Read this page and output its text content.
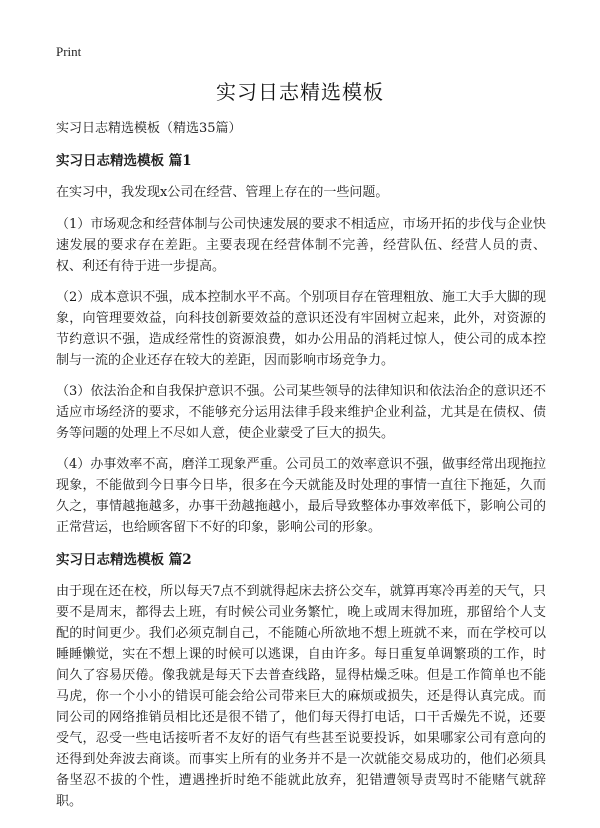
Print
实习日志精选模板
实习日志精选模板（精选35篇）
实习日志精选模板 篇1

在实习中，我发现x公司在经营、管理上存在的一些问题。

（1）市场观念和经营体制与公司快速发展的要求不相适应，市场开拓的步伐与企业快速发展的要求存在差距。主要表现在经营体制不完善，经营队伍、经营人员的责、权、利还有待于进一步提高。

（2）成本意识不强，成本控制水平不高。个别项目存在管理粗放、施工大手大脚的现象，向管理要效益，向科技创新要效益的意识还没有牢固树立起来，此外，对资源的节约意识不强，造成经常性的资源浪费，如办公用品的消耗过惊人，使公司的成本控制与一流的企业还存在较大的差距，因而影响市场竞争力。

（3）依法治企和自我保护意识不强。公司某些领导的法律知识和依法治企的意识还不适应市场经济的要求，不能够充分运用法律手段来维护企业利益，尤其是在债权、债务等问题的处理上不尽如人意，使企业蒙受了巨大的损失。

（4）办事效率不高，磨洋工现象严重。公司员工的效率意识不强，做事经常出现拖拉现象，不能做到今日事今日毕，很多在今天就能及时处理的事情一直往下拖延，久而久之，事情越拖越多，办事干劲越拖越小，最后导致整体办事效率低下，影响公司的正常营运，也给顾客留下不好的印象，影响公司的形象。

实习日志精选模板 篇2

由于现在还在校，所以每天7点不到就得起床去挤公交车，就算再寒冷再差的天气，只要不是周末，都得去上班，有时候公司业务繁忙，晚上或周末得加班，那留给个人支配的时间更少。我们必须克制自己，不能随心所欲地不想上班就不来，而在学校可以睡睡懒觉，实在不想上课的时候可以逃课，自由许多。每日重复单调繁琐的工作，时间久了容易厌倦。像我就是每天下去普查线路，显得枯燥乏味。但是工作简单也不能马虎，你一个小小的错误可能会给公司带来巨大的麻烦或损失，还是得认真完成。而同公司的网络推销员相比还是很不错了，他们每天得打电话，口干舌燥先不说，还要受气，忍受一些电话接听者不友好的语气有些甚至说要投诉，如果哪家公司有意向的还得到处奔波去商谈。而事实上所有的业务并不是一次就能交易成功的，他们必须具备坚忍不拔的个性，遭遇挫折时绝不能就此放弃，犯错遭领导责骂时不能赌气就辞职。
